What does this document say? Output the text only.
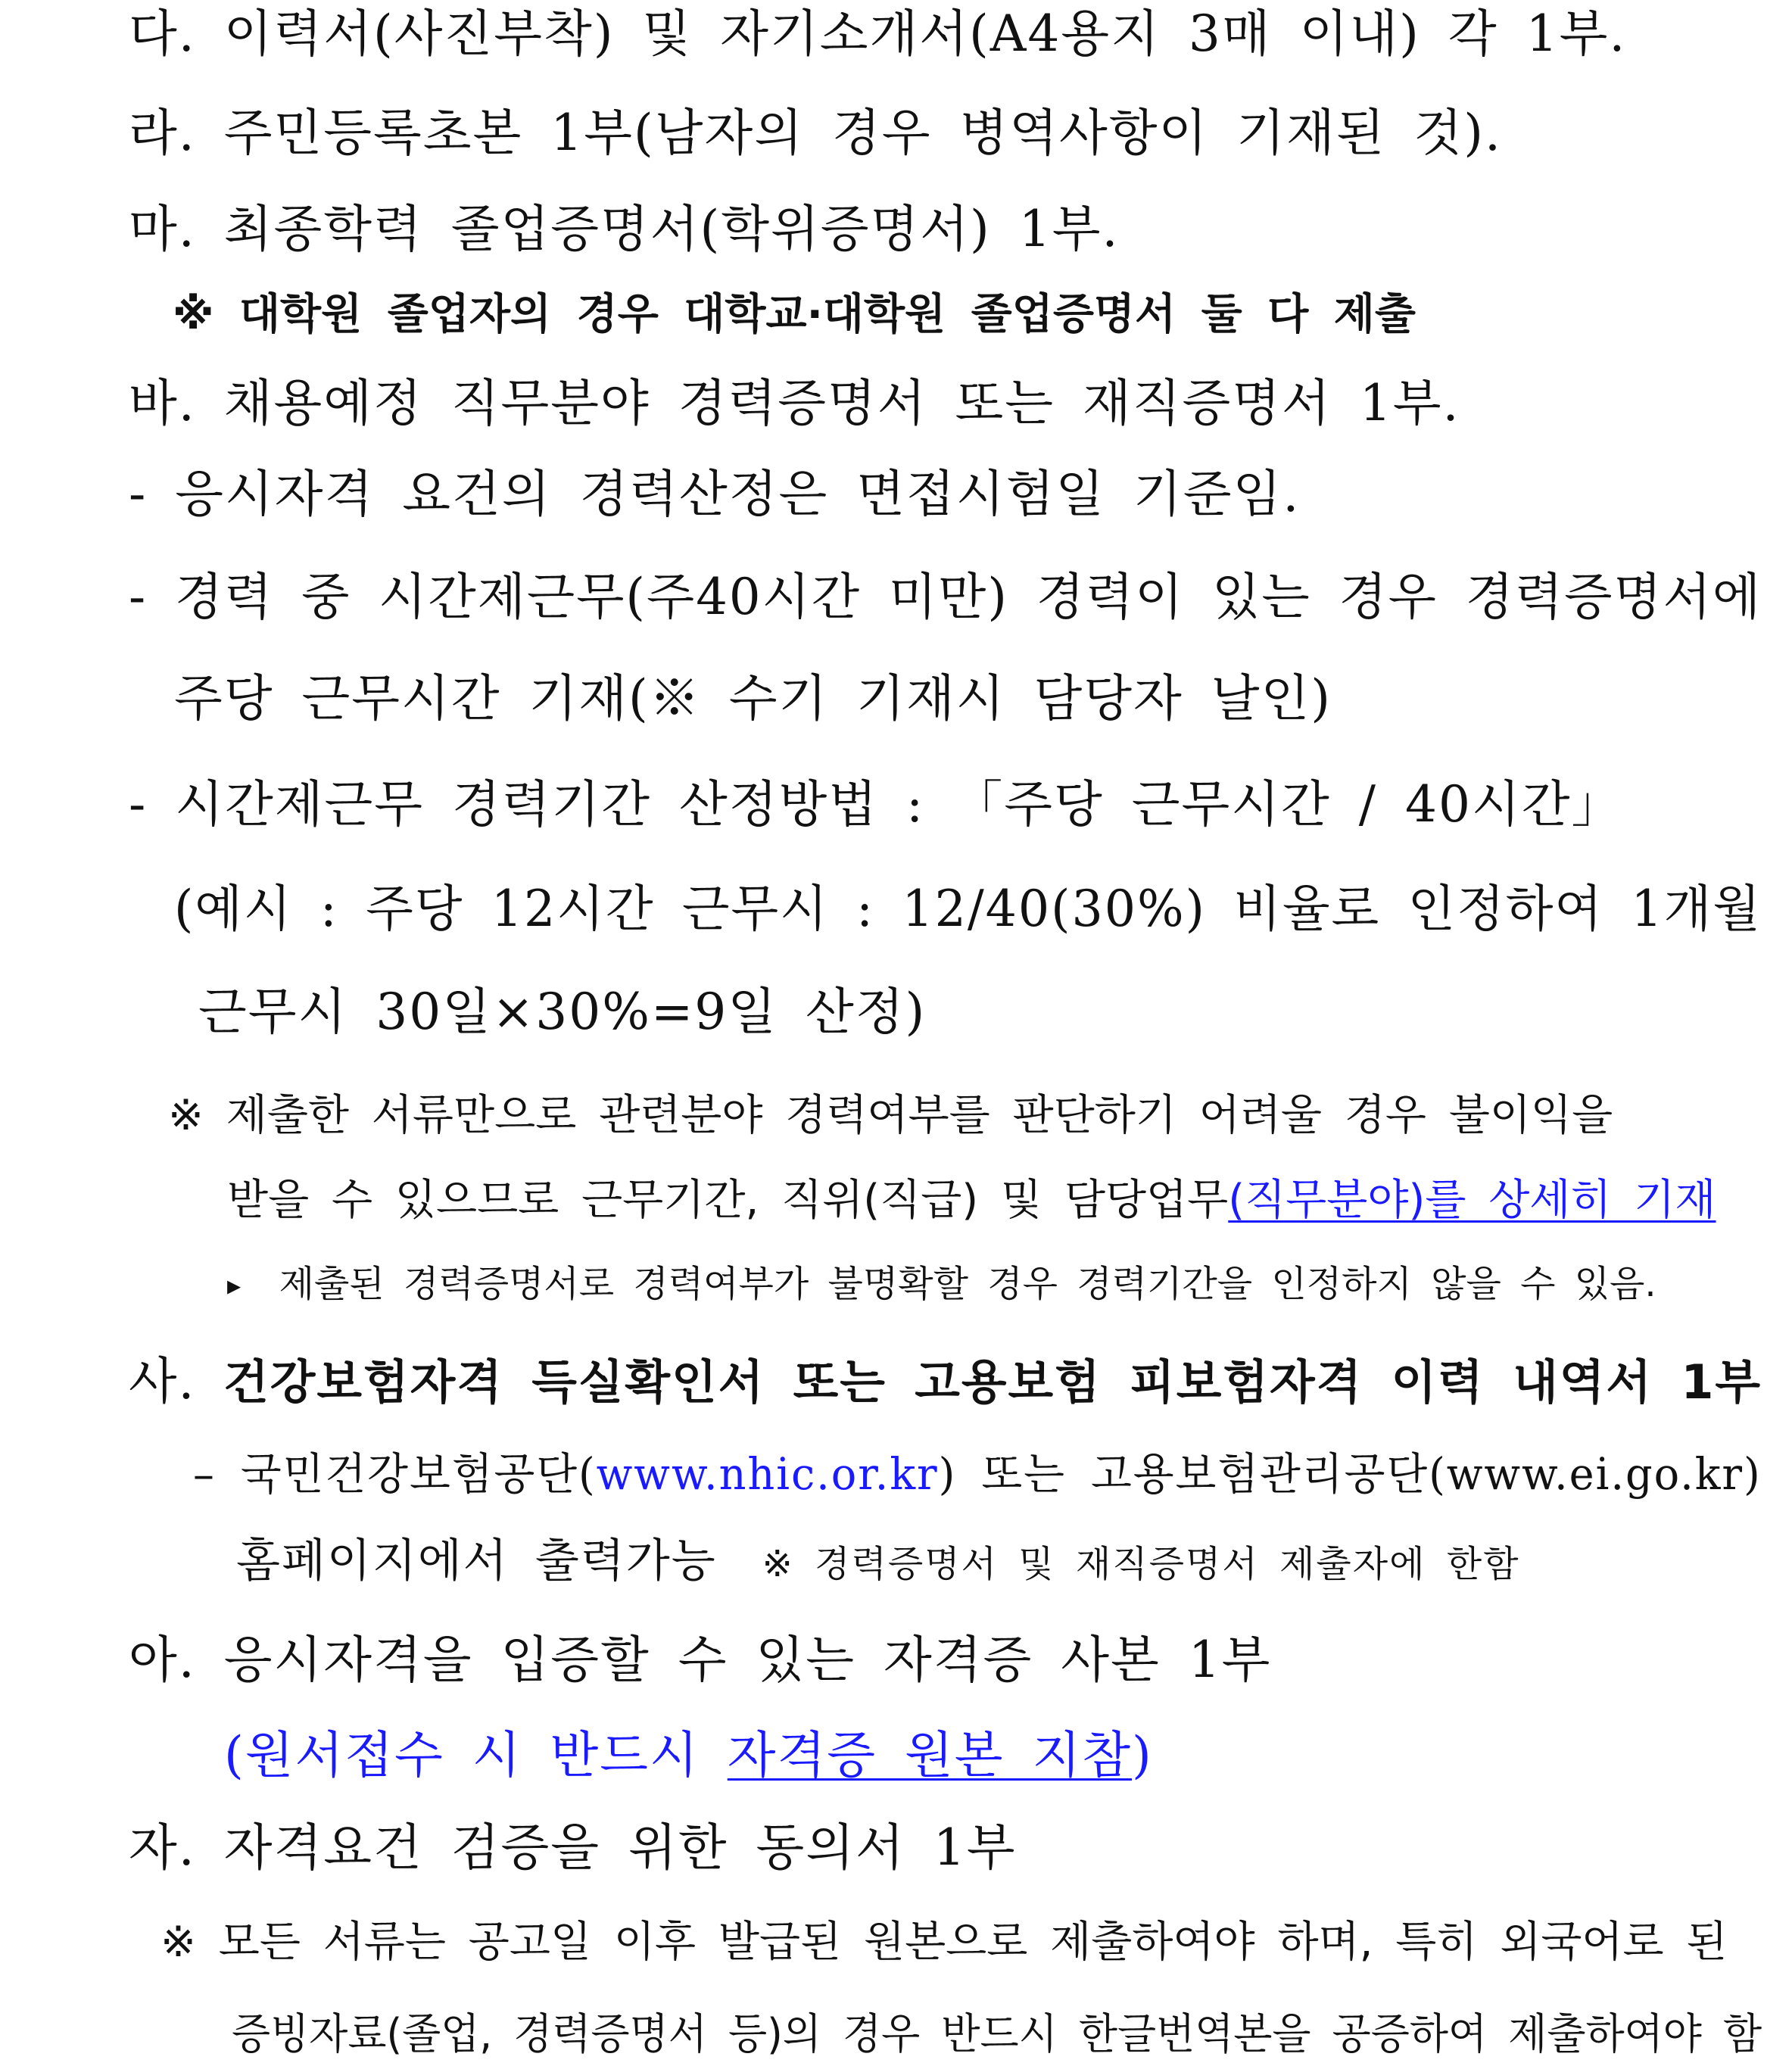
다. 이력서(사진부착) 및 자기소개서(A4용지 3매 이내) 각 1부.
라. 주민등록초본 1부(남자의 경우 병역사항이 기재된 것).
마. 최종학력 졸업증명서(학위증명서) 1부.
※ 대학원 졸업자의 경우 대학교·대학원 졸업증명서 둘 다 제출
바. 채용예정 직무분야 경력증명서 또는 재직증명서 1부.
- 응시자격 요건의 경력산정은 면접시험일 기준임.
- 경력 중 시간제근무(주40시간 미만) 경력이 있는 경우 경력증명서에
주당 근무시간 기재(※ 수기 기재시 담당자 날인)
- 시간제근무 경력기간 산정방법 : 「주당 근무시간 / 40시간」
(예시 : 주당 12시간 근무시 : 12/40(30%) 비율로 인정하여 1개월
근무시 30일×30%=9일 산정)
※ 제출한 서류만으로 관련분야 경력여부를 판단하기 어려울 경우 불이익을
받을 수 있으므로 근무기간, 직위(직급) 및 담당업무(직무분야)를 상세히 기재
▸ 제출된 경력증명서로 경력여부가 불명확할 경우 경력기간을 인정하지 않을 수 있음.
사. 건강보험자격 득실확인서 또는 고용보험 피보험자격 이력 내역서 1부
– 국민건강보험공단(www.nhic.or.kr) 또는 고용보험관리공단(www.ei.go.kr)
홈페이지에서 출력가능 ※ 경력증명서 및 재직증명서 제출자에 한함
아. 응시자격을 입증할 수 있는 자격증 사본 1부
(원서접수 시 반드시 자격증 원본 지참)
자. 자격요건 검증을 위한 동의서 1부
※ 모든 서류는 공고일 이후 발급된 원본으로 제출하여야 하며, 특히 외국어로 된
증빙자료(졸업, 경력증명서 등)의 경우 반드시 한글번역본을 공증하여 제출하여야 함
